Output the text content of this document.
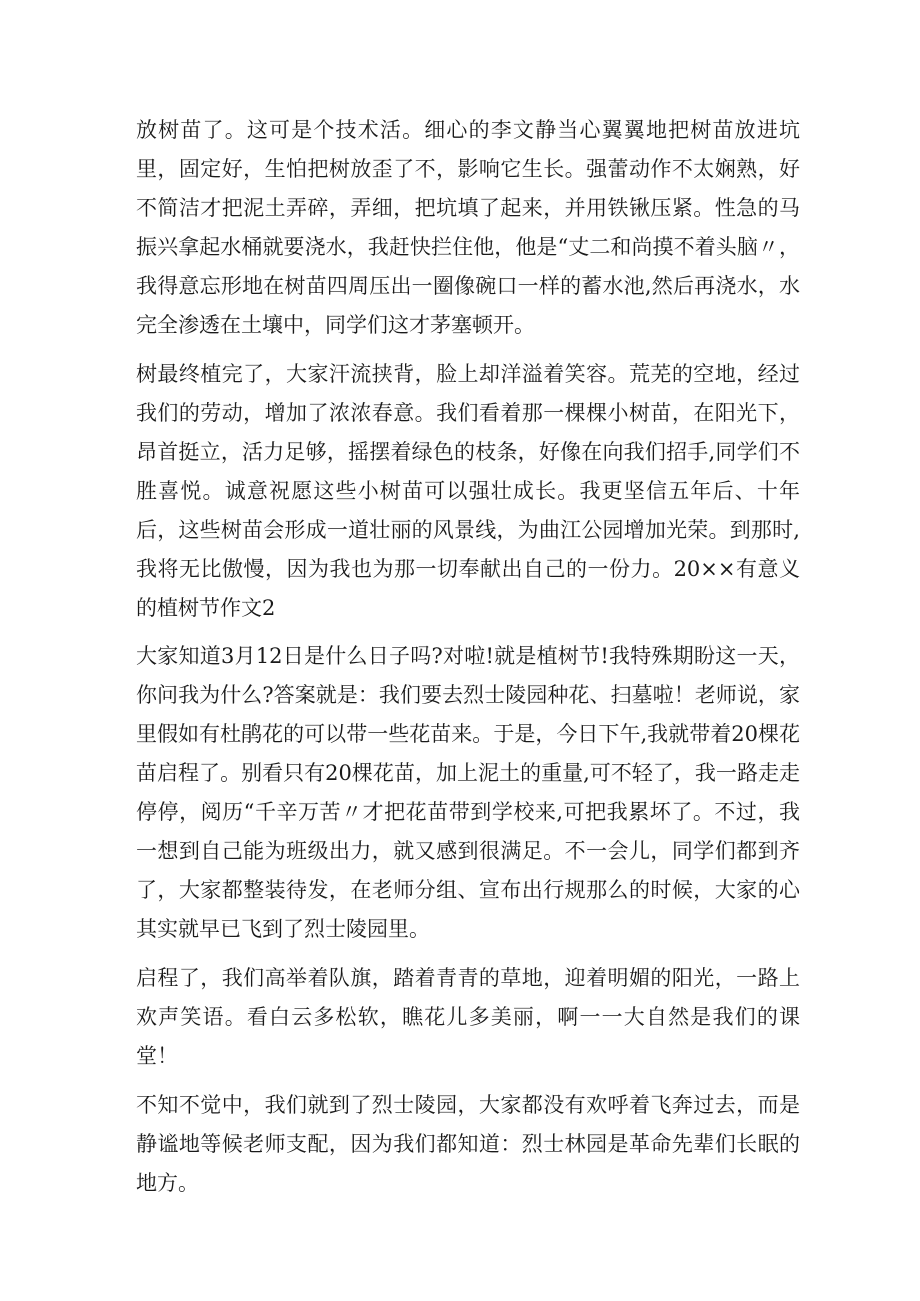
放树苗了。这可是个技术活。细心的李文静当心翼翼地把树苗放进坑里，固定好，生怕把树放歪了不，影响它生长。强蕾动作不太娴熟，好不简洁才把泥土弄碎，弄细，把坑填了起来，并用铁锹压紧。性急的马振兴拿起水桶就要浇水，我赶快拦住他，他是“丈二和尚摸不着头脑〃，我得意忘形地在树苗四周压出一圈像碗口一样的蓄水池,然后再浇水，水完全渗透在土壤中，同学们这才茅塞顿开。

树最终植完了，大家汗流挟背，脸上却洋溢着笑容。荒芜的空地，经过我们的劳动，增加了浓浓春意。我们看着那一棵棵小树苗，在阳光下，昂首挺立，活力足够，摇摆着绿色的枝条，好像在向我们招手,同学们不胜喜悦。诚意祝愿这些小树苗可以强壮成长。我更坚信五年后、十年后，这些树苗会形成一道壮丽的风景线，为曲江公园增加光荣。到那时,我将无比傲慢，因为我也为那一切奉献出自己的一份力。20××有意义的植树节作文2

大家知道3月12日是什么日子吗?对啦!就是植树节!我特殊期盼这一天，你问我为什么?答案就是：我们要去烈士陵园种花、扫墓啦！老师说，家里假如有杜鹃花的可以带一些花苗来。于是，今日下午,我就带着20棵花苗启程了。别看只有20棵花苗，加上泥土的重量,可不轻了，我一路走走停停，阅历“千辛万苦〃才把花苗带到学校来,可把我累坏了。不过，我一想到自己能为班级出力，就又感到很满足。不一会儿，同学们都到齐了，大家都整装待发，在老师分组、宣布出行规那么的时候，大家的心其实就早已飞到了烈士陵园里。

启程了，我们高举着队旗，踏着青青的草地，迎着明媚的阳光，一路上欢声笑语。看白云多松软，瞧花儿多美丽，啊一一大自然是我们的课堂！

不知不觉中，我们就到了烈士陵园，大家都没有欢呼着飞奔过去，而是静谧地等候老师支配，因为我们都知道：烈士林园是革命先辈们长眠的地方。
